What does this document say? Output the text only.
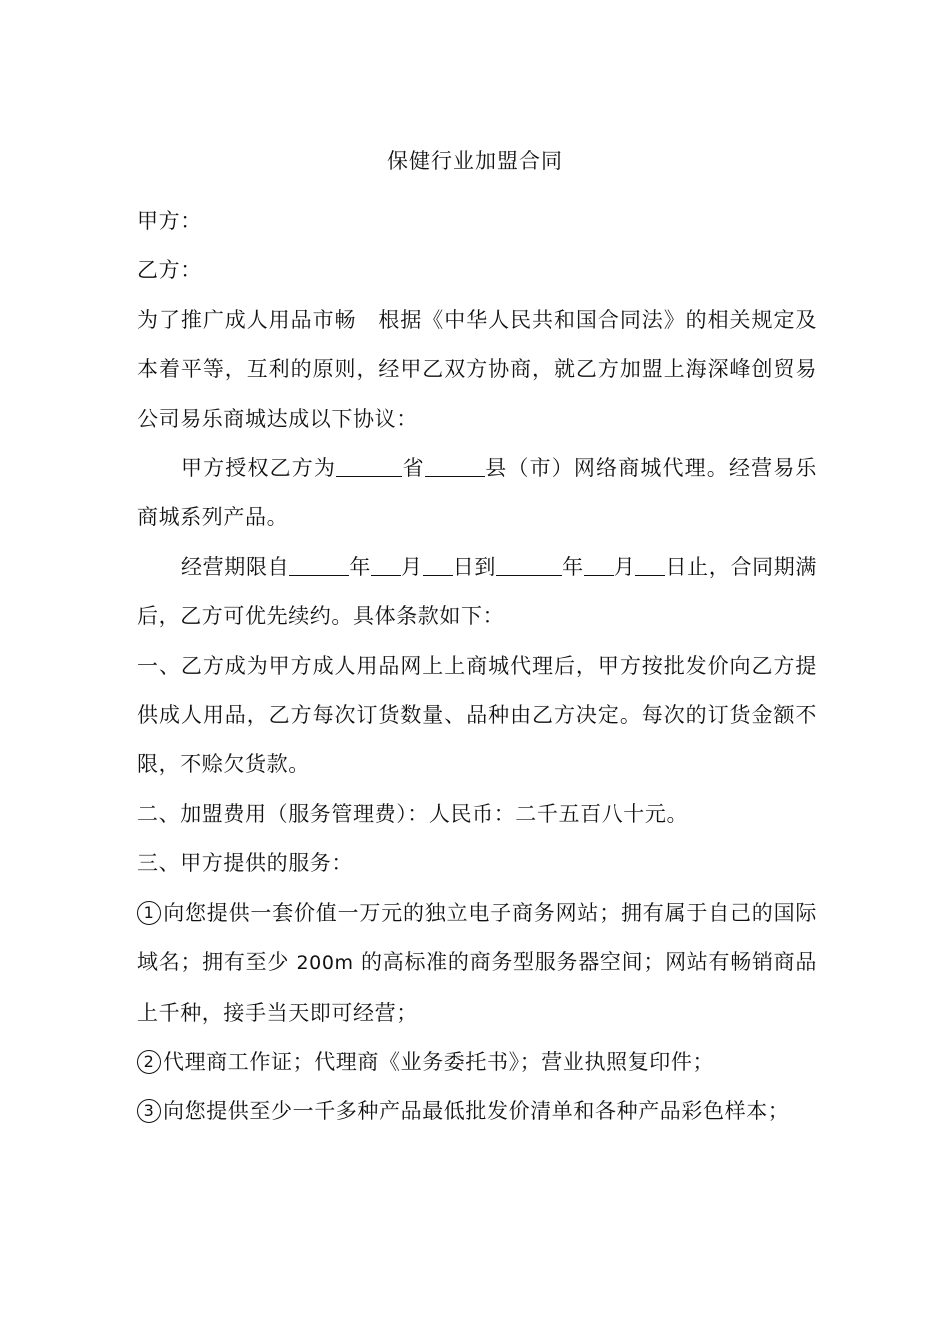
保健行业加盟合同

甲方：

乙方：

为了推广成人用品市畅　根据《中华人民共和国合同法》的相关规定及本着平等，互利的原则，经甲乙双方协商，就乙方加盟上海深峰创贸易公司易乐商城达成以下协议：

甲方授权乙方为	省	县（市）网络商城代理。经营易乐商城系列产品。

经营期限自	年 月 日到	年 月 日止，合同期满后，乙方可优先续约。具体条款如下：

一、乙方成为甲方成人用品网上上商城代理后，甲方按批发价向乙方提供成人用品，乙方每次订货数量、品种由乙方决定。每次的订货金额不限，不赊欠货款。

二、加盟费用（服务管理费）：人民币：二千五百八十元。

三、甲方提供的服务：

1 向您提供一套价值一万元的独立电子商务网站；拥有属于自己的国际域名；拥有至少 200m 的高标准的商务型服务器空间；网站有畅销商品上千种，接手当天即可经营；

2 代理商工作证；代理商《业务委托书》；营业执照复印件；

3 向您提供至少一千多种产品最低批发价清单和各种产品彩色样本；
